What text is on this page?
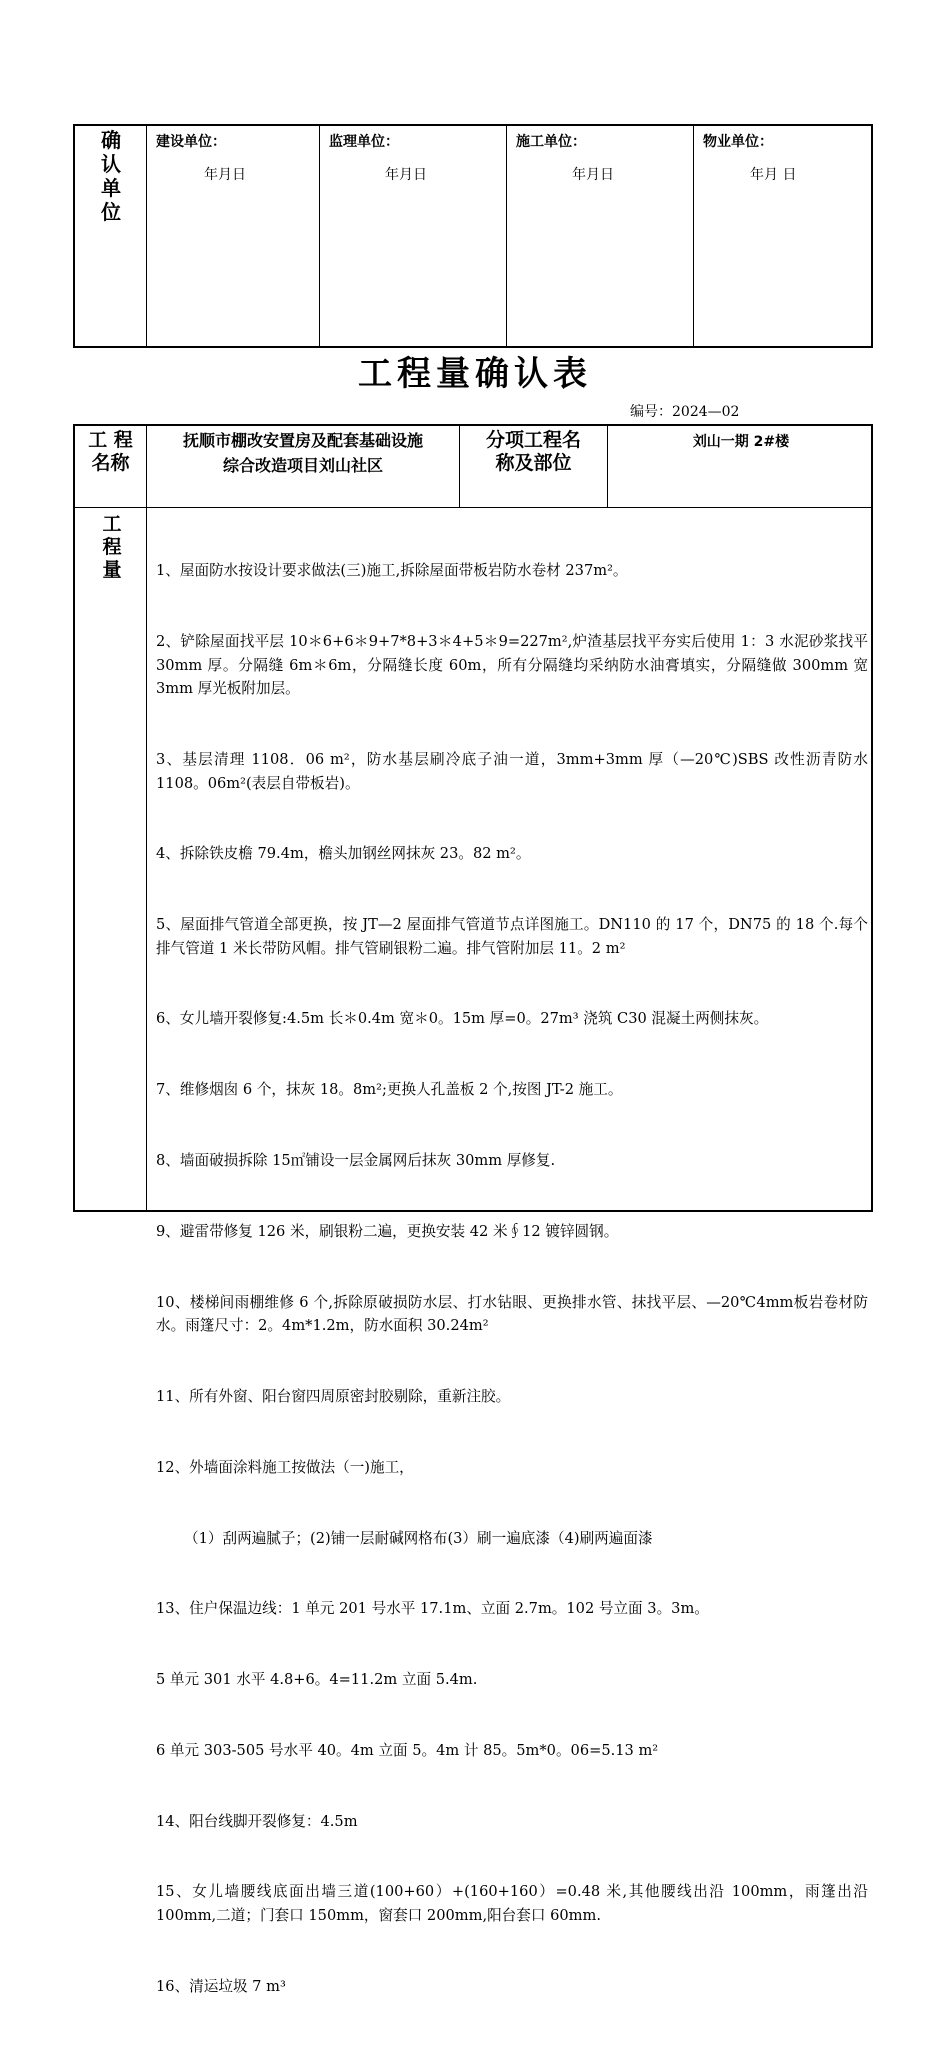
确
认
单
位
建设单位：
年月日
监理单位：
年月日
施工单位：
年月日
物业单位：
年月 日
工程量确认表
编号：2024—02
工 程
名称
抚顺市棚改安置房及配套基础设施
综合改造项目刘山社区
分项工程名
称及部位
刘山一期 2#楼
工
程
量

	1、屋面防水按设计要求做法(三)施工,拆除屋面带板岩防水卷材 237m²。

2、铲除屋面找平层 10＊6+6＊9+7*8+3＊4+5＊9=227m²,炉渣基层找平夯实后使用 1：3 水泥砂浆找平 30mm 厚。分隔缝 6m＊6m，分隔缝长度 60m，所有分隔缝均采纳防水油膏填实，分隔缝做 300mm 宽 3mm 厚光板附加层。

3、基层清理 1108．06 m²，防水基层刷冷底子油一道，3mm+3mm 厚（—20℃)SBS 改性沥青防水 1108。06m²(表层自带板岩)。

4、拆除铁皮檐 79.4m，檐头加钢丝网抹灰 23。82 m²。

5、屋面排气管道全部更换，按 JT—2 屋面排气管道节点详图施工。DN110 的 17 个，DN75 的 18 个.每个排气管道 1 米长带防风帽。排气管刷银粉二遍。排气管附加层 11。2 m²

6、女儿墙开裂修复:4.5m 长＊0.4m 宽＊0。15m 厚=0。27m³ 浇筑 C30 混凝土两侧抹灰。

7、维修烟囱 6 个，抹灰 18。8m²;更换人孔盖板 2 个,按图 JT-2 施工。

8、墙面破损拆除 15㎡铺设一层金属网后抹灰 30mm 厚修复.

9、避雷带修复 126 米，刷银粉二遍，更换安装 42 米∮12 镀锌圆钢。

10、楼梯间雨棚维修 6 个,拆除原破损防水层、打水钻眼、更换排水管、抹找平层、—20℃4mm板岩卷材防水。雨篷尺寸：2。4m*1.2m，防水面积 30.24m²

11、所有外窗、阳台窗四周原密封胶剔除，重新注胶。

12、外墙面涂料施工按做法（一)施工，

（1）刮两遍腻子；(2)铺一层耐碱网格布(3）刷一遍底漆（4)刷两遍面漆

13、住户保温边线：1 单元 201 号水平 17.1m、立面 2.7m。102 号立面 3。3m。

5 单元 301 水平 4.8+6。4=11.2m 立面 5.4m.

6 单元 303-505 号水平 40。4m 立面 5。4m 计 85。5m*0。06=5.13 m²

14、阳台线脚开裂修复：4.5m

15、女儿墙腰线底面出墙三道(100+60）+(160+160）=0.48 米,其他腰线出沿 100mm，雨篷出沿 100mm,二道；门套口 150mm，窗套口 200mm,阳台套口 60mm.

16、清运垃圾 7 m³
